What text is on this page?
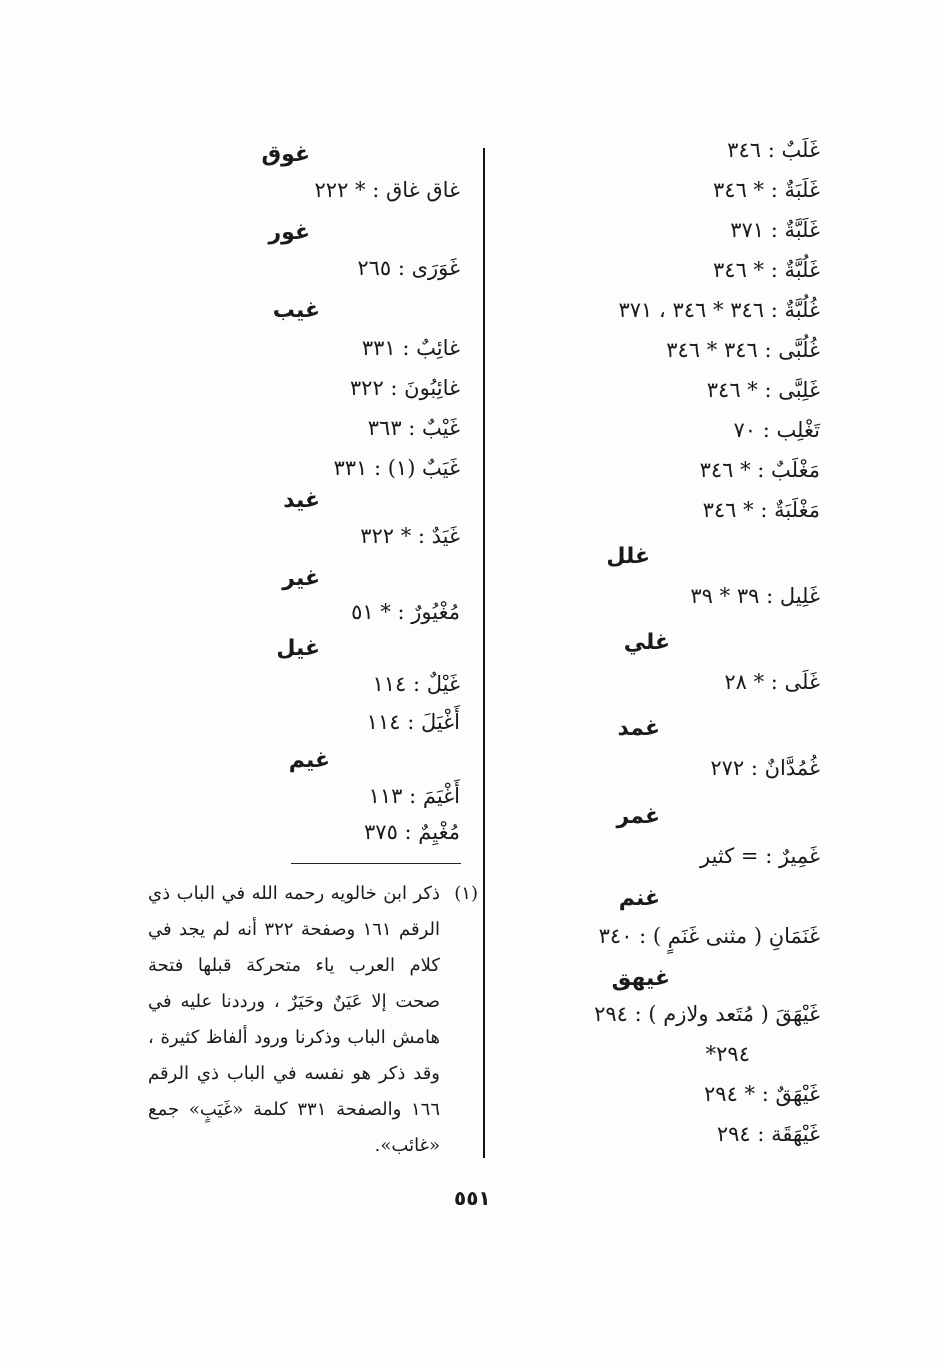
غَلَبٌ : ٣٤٦
غَلَبَةٌ : * ٣٤٦
غَلَبَّةٌ : ٣٧١
غَلُبَّةٌ : * ٣٤٦
غُلُبَّةٌ : ٣٤٦ * ٣٤٦ ، ٣٧١
غُلُبَّى : ٣٤٦ * ٣٤٦
غَلِبَّى : * ٣٤٦
تَغْلِب : ٧٠
مَغْلَبٌ : * ٣٤٦
مَغْلَبَةٌ : * ٣٤٦
غلل
غَلِيل : ٣٩ * ٣٩
غلي
غَلَى : * ٢٨
غمد
غُمُدَّانٌ : ٢٧٢
غمر
غَمِيرٌ : = كثير
غنم
غَنَمَانِ ( مثنى غَنَمٍ ) : ٣٤٠
غيهق
غَيْهَقَ ( مُتَعد ولازم ) : ٢٩٤
٢٩٤*
غَيْهَقٌ : * ٢٩٤
غَيْهَقَة : ٢٩٤
غوق
غاق غاق : * ٢٢٢
غور
غَوَرَى : ٢٦٥
غيب
غائِبٌ : ٣٣١
غائِبُونَ : ٣٢٢
غَيْبٌ : ٣٦٣
غَيَبٌ (١) : ٣٣١
غيد
غَيَدٌ : * ٣٢٢
غير
مُغْيُورٌ : * ٥١
غيل
غَيْلٌ : ١١٤
أَغْيَلَ : ١١٤
غيم
أَغْيَمَ : ١١٣
مُغْيِمٌ : ٣٧٥
(١)
ذكر ابن خالويه رحمه الله في الباب ذي الرقم ١٦١ وصفحة ٣٢٢ أنه لم يجد في كلام العرب ياء متحركة قبلها فتحة صحت إلا عَيَنٌ وحَيَرٌ ، ورددنا عليه في هامش الباب وذكرنا ورود ألفاظ كثيرة ، وقد ذكر هو نفسه في الباب ذي الرقم ١٦٦ والصفحة ٣٣١ كلمة «غَيَبٍ» جمع «غائب».
٥٥١
